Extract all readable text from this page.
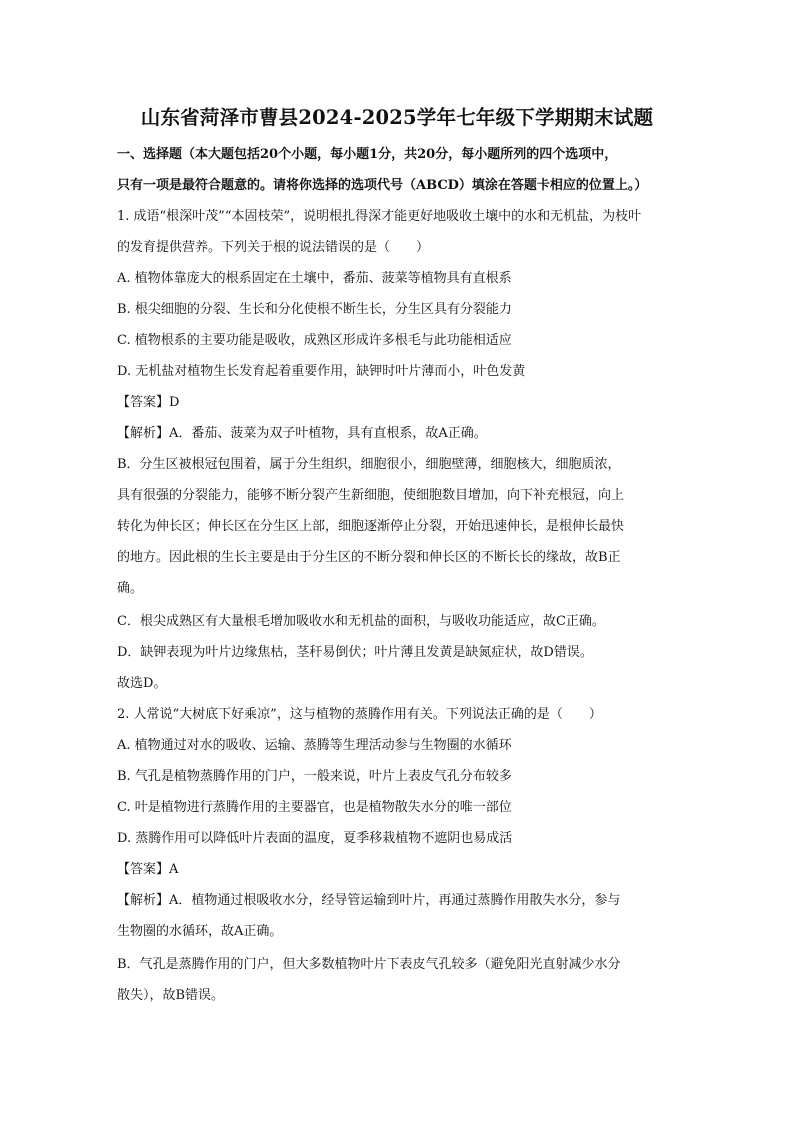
山东省菏泽市曹县2024-2025学年七年级下学期期末试题
一、选择题（本大题包括20个小题，每小题1分，共20分，每小题所列的四个选项中，
只有一项是最符合题意的。请将你选择的选项代号（ABCD）填涂在答题卡相应的位置上。）
1. 成语“根深叶茂”“本固枝荣”，说明根扎得深才能更好地吸收土壤中的水和无机盐，为枝叶
的发育提供营养。下列关于根的说法错误的是（　　）
A. 植物体靠庞大的根系固定在土壤中，番茄、菠菜等植物具有直根系
B. 根尖细胞的分裂、生长和分化使根不断生长，分生区具有分裂能力
C. 植物根系的主要功能是吸收，成熟区形成许多根毛与此功能相适应
D. 无机盐对植物生长发育起着重要作用，缺钾时叶片薄而小，叶色发黄
【答案】D
【解析】A．番茄、菠菜为双子叶植物，具有直根系，故A正确。
B．分生区被根冠包围着，属于分生组织，细胞很小，细胞壁薄，细胞核大，细胞质浓，
具有很强的分裂能力，能够不断分裂产生新细胞，使细胞数目增加，向下补充根冠，向上
转化为伸长区；伸长区在分生区上部，细胞逐渐停止分裂，开始迅速伸长，是根伸长最快
的地方。因此根的生长主要是由于分生区的不断分裂和伸长区的不断长长的缘故，故B正
确。
C．根尖成熟区有大量根毛增加吸收水和无机盐的面积，与吸收功能适应，故C正确。
D．缺钾表现为叶片边缘焦枯，茎秆易倒伏；叶片薄且发黄是缺氮症状，故D错误。
故选D。
2. 人常说“大树底下好乘凉”，这与植物的蒸腾作用有关。下列说法正确的是（　　）
A. 植物通过对水的吸收、运输、蒸腾等生理活动参与生物圈的水循环
B. 气孔是植物蒸腾作用的门户，一般来说，叶片上表皮气孔分布较多
C. 叶是植物进行蒸腾作用的主要器官，也是植物散失水分的唯一部位
D. 蒸腾作用可以降低叶片表面的温度，夏季移栽植物不遮阴也易成活
【答案】A
【解析】A．植物通过根吸收水分，经导管运输到叶片，再通过蒸腾作用散失水分，参与
生物圈的水循环，故A正确。
B．气孔是蒸腾作用的门户，但大多数植物叶片下表皮气孔较多（避免阳光直射减少水分
散失），故B错误。
